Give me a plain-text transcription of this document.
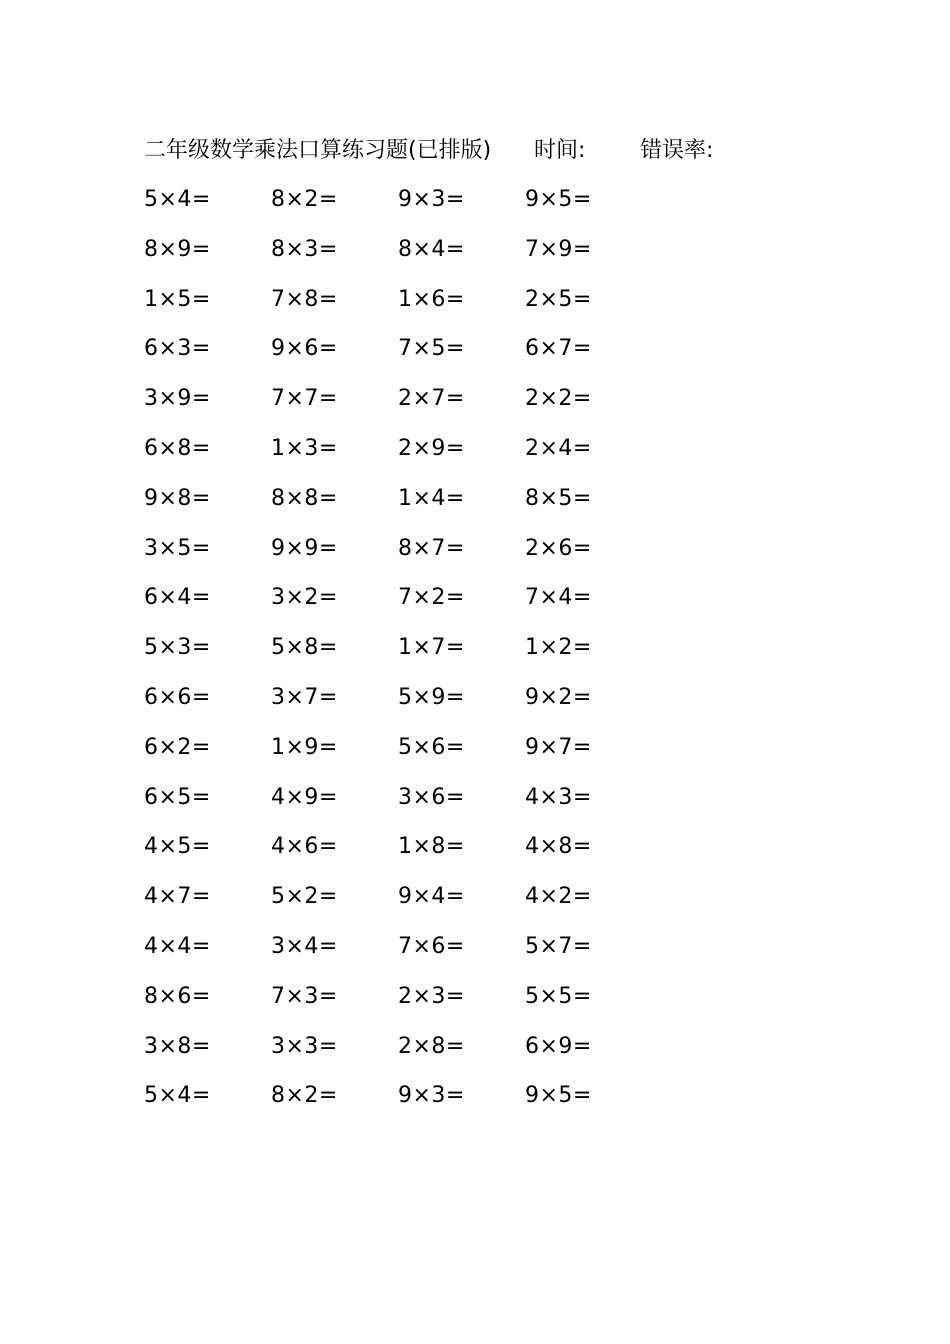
二年级数学乘法口算练习题(已排版) 时间: 错误率:
5×4=	8×2=	9×3=	9×5=
8×9=	8×3=	8×4=	7×9=
1×5=	7×8=	1×6=	2×5=
6×3=	9×6=	7×5=	6×7=
3×9=	7×7=	2×7=	2×2=
6×8=	1×3=	2×9=	2×4=
9×8=	8×8=	1×4=	8×5=
3×5=	9×9=	8×7=	2×6=
6×4=	3×2=	7×2=	7×4=
5×3=	5×8=	1×7=	1×2=
6×6=	3×7=	5×9=	9×2=
6×2=	1×9=	5×6=	9×7=
6×5=	4×9=	3×6=	4×3=
4×5=	4×6=	1×8=	4×8=
4×7=	5×2=	9×4=	4×2=
4×4=	3×4=	7×6=	5×7=
8×6=	7×3=	2×3=	5×5=
3×8=	3×3=	2×8=	6×9=
5×4=	8×2=	9×3=	9×5=
